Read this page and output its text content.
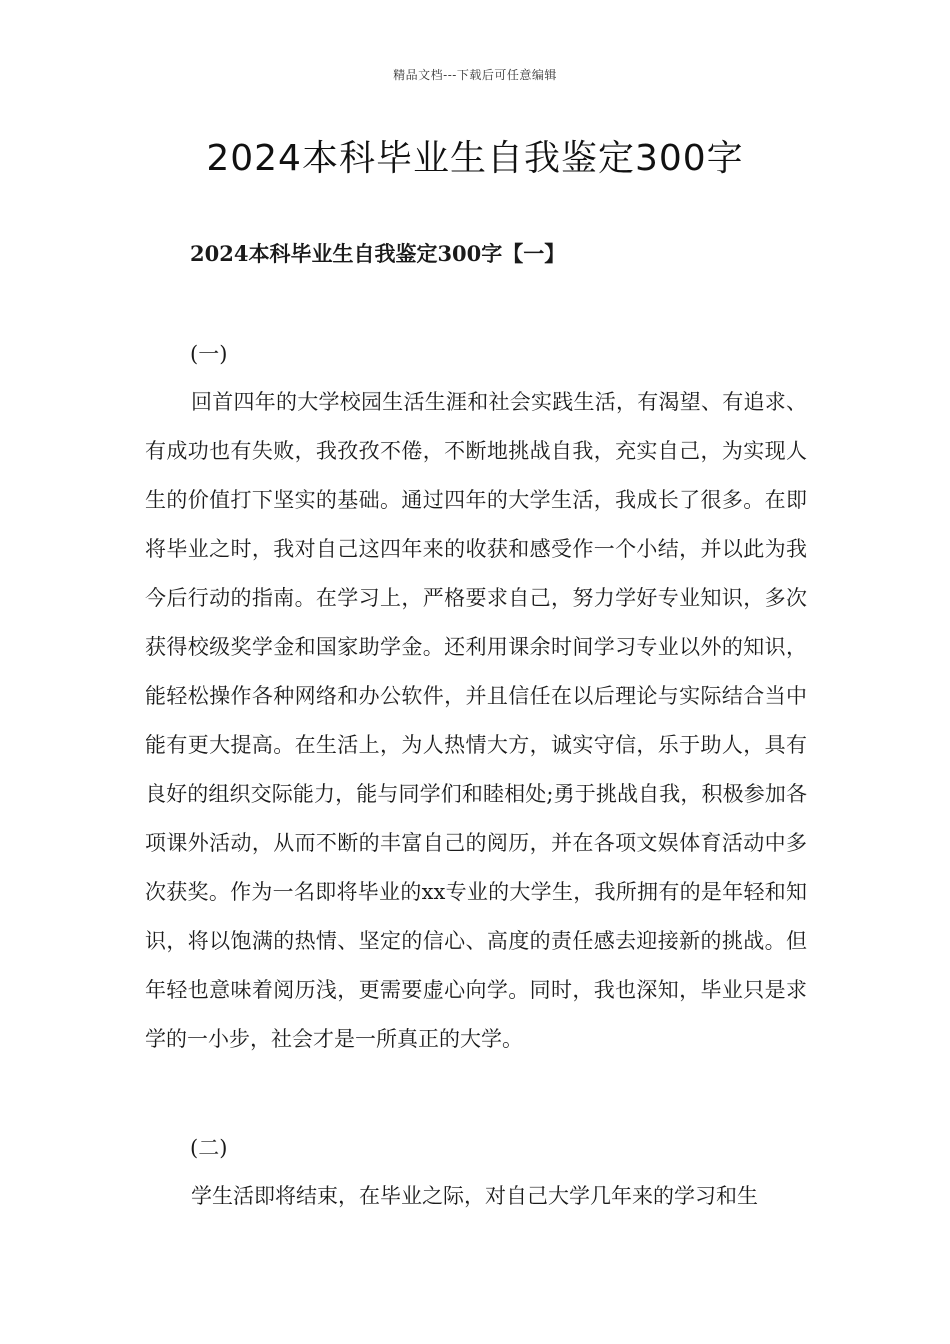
精品文档---下载后可任意编辑
2024本科毕业生自我鉴定300字
2024本科毕业生自我鉴定300字【一】

(一)

回首四年的大学校园生活生涯和社会实践生活，有渴望、有追求、有成功也有失败，我孜孜不倦，不断地挑战自我，充实自己，为实现人生的价值打下坚实的基础。通过四年的大学生活，我成长了很多。在即将毕业之时，我对自己这四年来的收获和感受作一个小结，并以此为我今后行动的指南。在学习上，严格要求自己，努力学好专业知识，多次获得校级奖学金和国家助学金。还利用课余时间学习专业以外的知识，能轻松操作各种网络和办公软件，并且信任在以后理论与实际结合当中能有更大提高。在生活上，为人热情大方，诚实守信，乐于助人，具有良好的组织交际能力，能与同学们和睦相处;勇于挑战自我，积极参加各项课外活动，从而不断的丰富自己的阅历，并在各项文娱体育活动中多次获奖。作为一名即将毕业的xx专业的大学生，我所拥有的是年轻和知识，将以饱满的热情、坚定的信心、高度的责任感去迎接新的挑战。但年轻也意味着阅历浅，更需要虚心向学。同时，我也深知，毕业只是求学的一小步，社会才是一所真正的大学。

(二)

学生活即将结束，在毕业之际，对自己大学几年来的学习和生
